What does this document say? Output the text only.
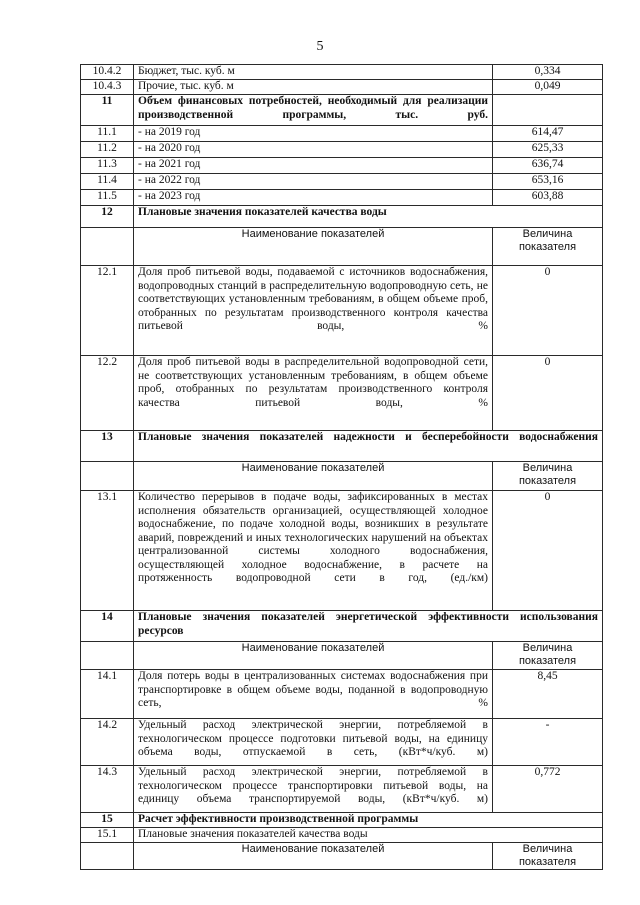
5
10.4.2	Бюджет, тыс. куб. м	0,334
10.4.3	Прочие, тыс. куб. м	0,049
11	Объем финансовых потребностей, необходимый для реализации производственной программы, тыс. руб.	
11.1	- на 2019 год	614,47
11.2	- на 2020 год	625,33
11.3	- на 2021 год	636,74
11.4	- на 2022 год	653,16
11.5	- на 2023 год	603,88
12	Плановые значения показателей качества воды	
	Наименование показателей	Величина показателя
12.1	Доля проб питьевой воды, подаваемой с источников водоснабжения, водопроводных станций в распределительную водопроводную сеть, не соответствующих установленным требованиям, в общем объеме проб, отобранных по результатам производственного контроля качества питьевой воды, %	0
12.2	Доля проб питьевой воды в распределительной водопроводной сети, не соответствующих установленным требованиям, в общем объеме проб, отобранных по результатам производственного контроля качества питьевой воды, %	0
13	Плановые значения показателей надежности и бесперебойности водоснабжения	
	Наименование показателей	Величина показателя
13.1	Количество перерывов в подаче воды, зафиксированных в местах исполнения обязательств организацией, осуществляющей холодное водоснабжение, по подаче холодной воды, возникших в результате аварий, повреждений и иных технологических нарушений на объектах централизованной системы холодного водоснабжения, осуществляющей холодное водоснабжение, в расчете на протяженность водопроводной сети в год, (ед./км)	0
14	Плановые значения показателей энергетической эффективности использования ресурсов	
	Наименование показателей	Величина показателя
14.1	Доля потерь воды в централизованных системах водоснабжения при транспортировке в общем объеме воды, поданной в водопроводную сеть, %	8,45
14.2	Удельный расход электрической энергии, потребляемой в технологическом процессе подготовки питьевой воды, на единицу объема воды, отпускаемой в сеть, (кВт*ч/куб. м)	-
14.3	Удельный расход электрической энергии, потребляемой в технологическом процессе транспортировки питьевой воды, на единицу объема транспортируемой воды, (кВт*ч/куб. м)	0,772
15	Расчет эффективности производственной программы	
15.1	Плановые значения показателей качества воды	
	Наименование показателей	Величина показателя
